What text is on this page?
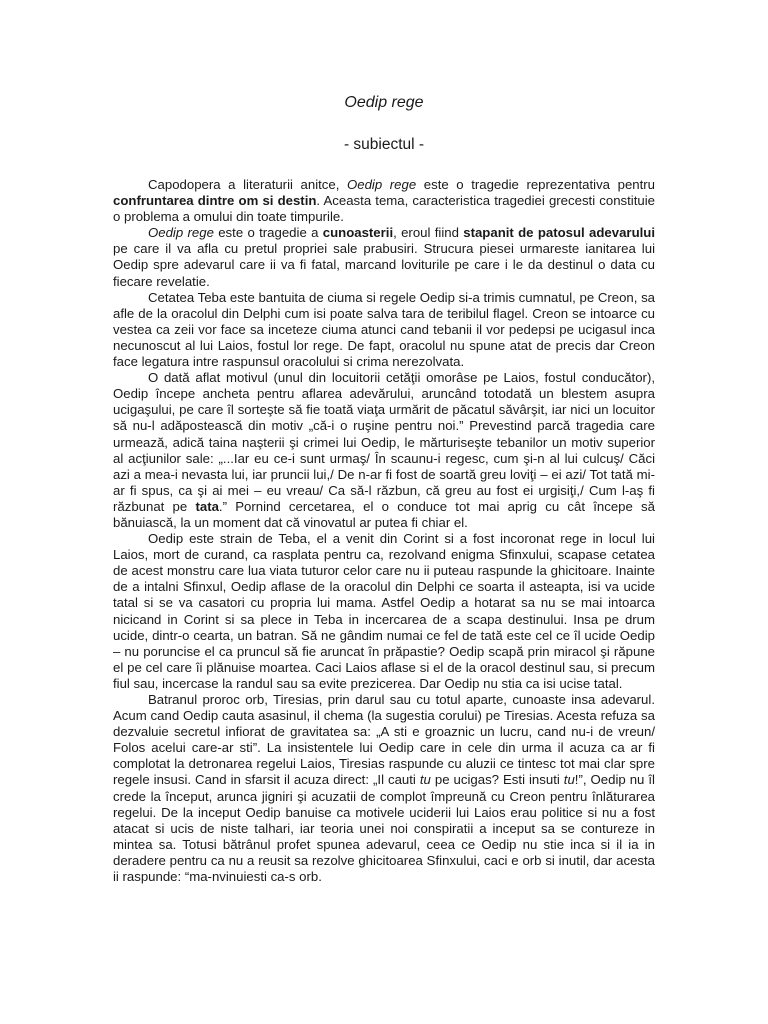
Oedip rege
- subiectul -

Capodopera a literaturii anitce, Oedip rege este o tragedie reprezentativa pentru confruntarea dintre om si destin. Aceasta tema, caracteristica tragediei grecesti constituie o problema a omului din toate timpurile.

Oedip rege este o tragedie a cunoasterii, eroul fiind stapanit de patosul adevarului pe care il va afla cu pretul propriei sale prabusiri. Strucura piesei urmareste ianitarea lui Oedip spre adevarul care ii va fi fatal, marcand loviturile pe care i le da destinul o data cu fiecare revelatie.

Cetatea Teba este bantuita de ciuma si regele Oedip si-a trimis cumnatul, pe Creon, sa afle de la oracolul din Delphi cum isi poate salva tara de teribilul flagel. Creon se intoarce cu vestea ca zeii vor face sa inceteze ciuma atunci cand tebanii il vor pedepsi pe ucigasul inca necunoscut al lui Laios, fostul lor rege. De fapt, oracolul nu spune atat de precis dar Creon face legatura intre raspunsul oracolului si crima nerezolvata.

O dată aflat motivul (unul din locuitorii cetăţii omorâse pe Laios, fostul conducător), Oedip începe ancheta pentru aflarea adevărului, aruncând totodată un blestem asupra ucigaşului, pe care îl sorteşte să fie toată viaţa urmărit de păcatul săvârşit, iar nici un locuitor să nu-l adăpostească din motiv „că-i o ruşine pentru noi.” Prevestind parcă tragedia care urmează, adică taina naşterii şi crimei lui Oedip, le mărturiseşte tebanilor un motiv superior al acţiunilor sale: „...Iar eu ce-i sunt urmaş/ În scaunu-i regesc, cum şi-n al lui culcuş/ Căci azi a mea-i nevasta lui, iar pruncii lui,/ De n-ar fi fost de soartă greu loviţi – ei azi/ Tot tată mi-ar fi spus, ca şi ai mei – eu vreau/ Ca să-l răzbun, că greu au fost ei urgisiţi,/ Cum l-aş fi răzbunat pe tata.” Pornind cercetarea, el o conduce tot mai aprig cu cât începe să bănuiască, la un moment dat că vinovatul ar putea fi chiar el.

Oedip este strain de Teba, el a venit din Corint si a fost incoronat rege in locul lui Laios, mort de curand, ca rasplata pentru ca, rezolvand enigma Sfinxului, scapase cetatea de acest monstru care lua viata tuturor celor care nu ii puteau raspunde la ghicitoare. Inainte de a intalni Sfinxul, Oedip aflase de la oracolul din Delphi ce soarta il asteapta, isi va ucide tatal si se va casatori cu propria lui mama. Astfel Oedip a hotarat sa nu se mai intoarca nicicand in Corint si sa plece in Teba in incercarea de a scapa destinului. Insa pe drum ucide, dintr-o cearta, un batran. Să ne gândim numai ce fel de tată este cel ce îl ucide Oedip – nu poruncise el ca pruncul să fie aruncat în prăpastie? Oedip scapă prin miracol şi răpune el pe cel care îi plănuise moartea. Caci Laios aflase si el de la oracol destinul sau, si precum fiul sau, incercase la randul sau sa evite prezicerea. Dar Oedip nu stia ca isi ucise tatal.

Batranul proroc orb, Tiresias, prin darul sau cu totul aparte, cunoaste insa adevarul. Acum cand Oedip cauta asasinul, il chema (la sugestia corului) pe Tiresias. Acesta refuza sa dezvaluie secretul infiorat de gravitatea sa: „A sti e groaznic un lucru, cand nu-i de vreun/ Folos acelui care-ar sti”. La insistentele lui Oedip care in cele din urma il acuza ca ar fi complotat la detronarea regelui Laios, Tiresias raspunde cu aluzii ce tintesc tot mai clar spre regele insusi. Cand in sfarsit il acuza direct: „Il cauti tu pe ucigas? Esti insuti tu!”, Oedip nu îl crede la început, arunca jigniri şi acuzatii de complot împreună cu Creon pentru înlăturarea regelui. De la inceput Oedip banuise ca motivele uciderii lui Laios erau politice si nu a fost atacat si ucis de niste talhari, iar teoria unei noi conspiratii a inceput sa se contureze in mintea sa. Totusi bătrânul profet spunea adevarul, ceea ce Oedip nu stie inca si il ia in deradere pentru ca nu a reusit sa rezolve ghicitoarea Sfinxului, caci e orb si inutil, dar acesta ii raspunde: “ma-nvinuiesti ca-s orb.
